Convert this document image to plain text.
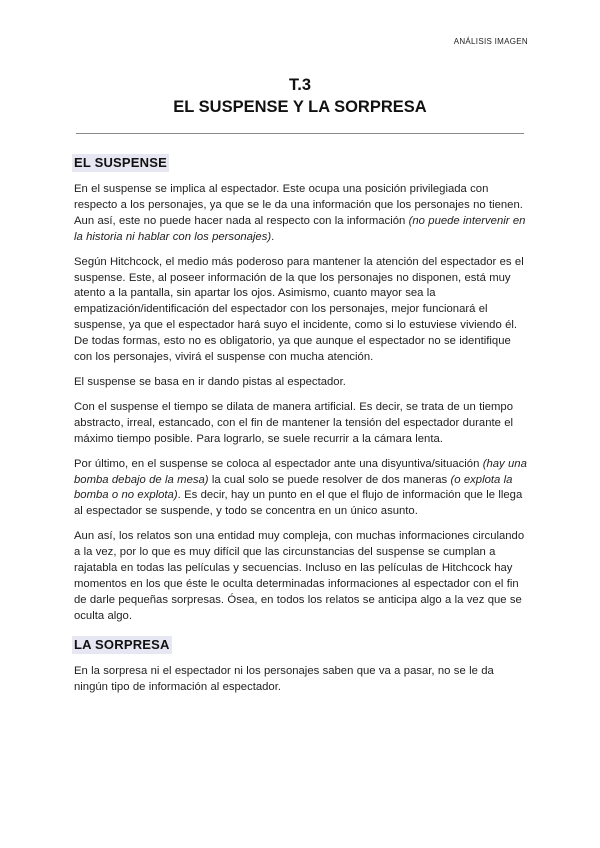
ANÁLISIS IMAGEN
T.3
EL SUSPENSE Y LA SORPRESA
EL SUSPENSE

En el suspense se implica al espectador. Este ocupa una posición privilegiada con respecto a los personajes, ya que se le da una información que los personajes no tienen. Aun así, este no puede hacer nada al respecto con la información (no puede intervenir en la historia ni hablar con los personajes).

Según Hitchcock, el medio más poderoso para mantener la atención del espectador es el suspense. Este, al poseer información de la que los personajes no disponen, está muy atento a la pantalla, sin apartar los ojos. Asimismo, cuanto mayor sea la empatización/identificación del espectador con los personajes, mejor funcionará el suspense, ya que el espectador hará suyo el incidente, como si lo estuviese viviendo él. De todas formas, esto no es obligatorio, ya que aunque el espectador no se identifique con los personajes, vivirá el suspense con mucha atención.

El suspense se basa en ir dando pistas al espectador.

Con el suspense el tiempo se dilata de manera artificial. Es decir, se trata de un tiempo abstracto, irreal, estancado, con el fin de mantener la tensión del espectador durante el máximo tiempo posible. Para lograrlo, se suele recurrir a la cámara lenta.

Por último, en el suspense se coloca al espectador ante una disyuntiva/situación (hay una bomba debajo de la mesa) la cual solo se puede resolver de dos maneras (o explota la bomba o no explota). Es decir, hay un punto en el que el flujo de información que le llega al espectador se suspende, y todo se concentra en un único asunto.

Aun así, los relatos son una entidad muy compleja, con muchas informaciones circulando a la vez, por lo que es muy difícil que las circunstancias del suspense se cumplan a rajatabla en todas las películas y secuencias. Incluso en las películas de Hitchcock hay momentos en los que éste le oculta determinadas informaciones al espectador con el fin de darle pequeñas sorpresas. Ósea, en todos los relatos se anticipa algo a la vez que se oculta algo.

LA SORPRESA

En la sorpresa ni el espectador ni los personajes saben que va a pasar, no se le da ningún tipo de información al espectador.
